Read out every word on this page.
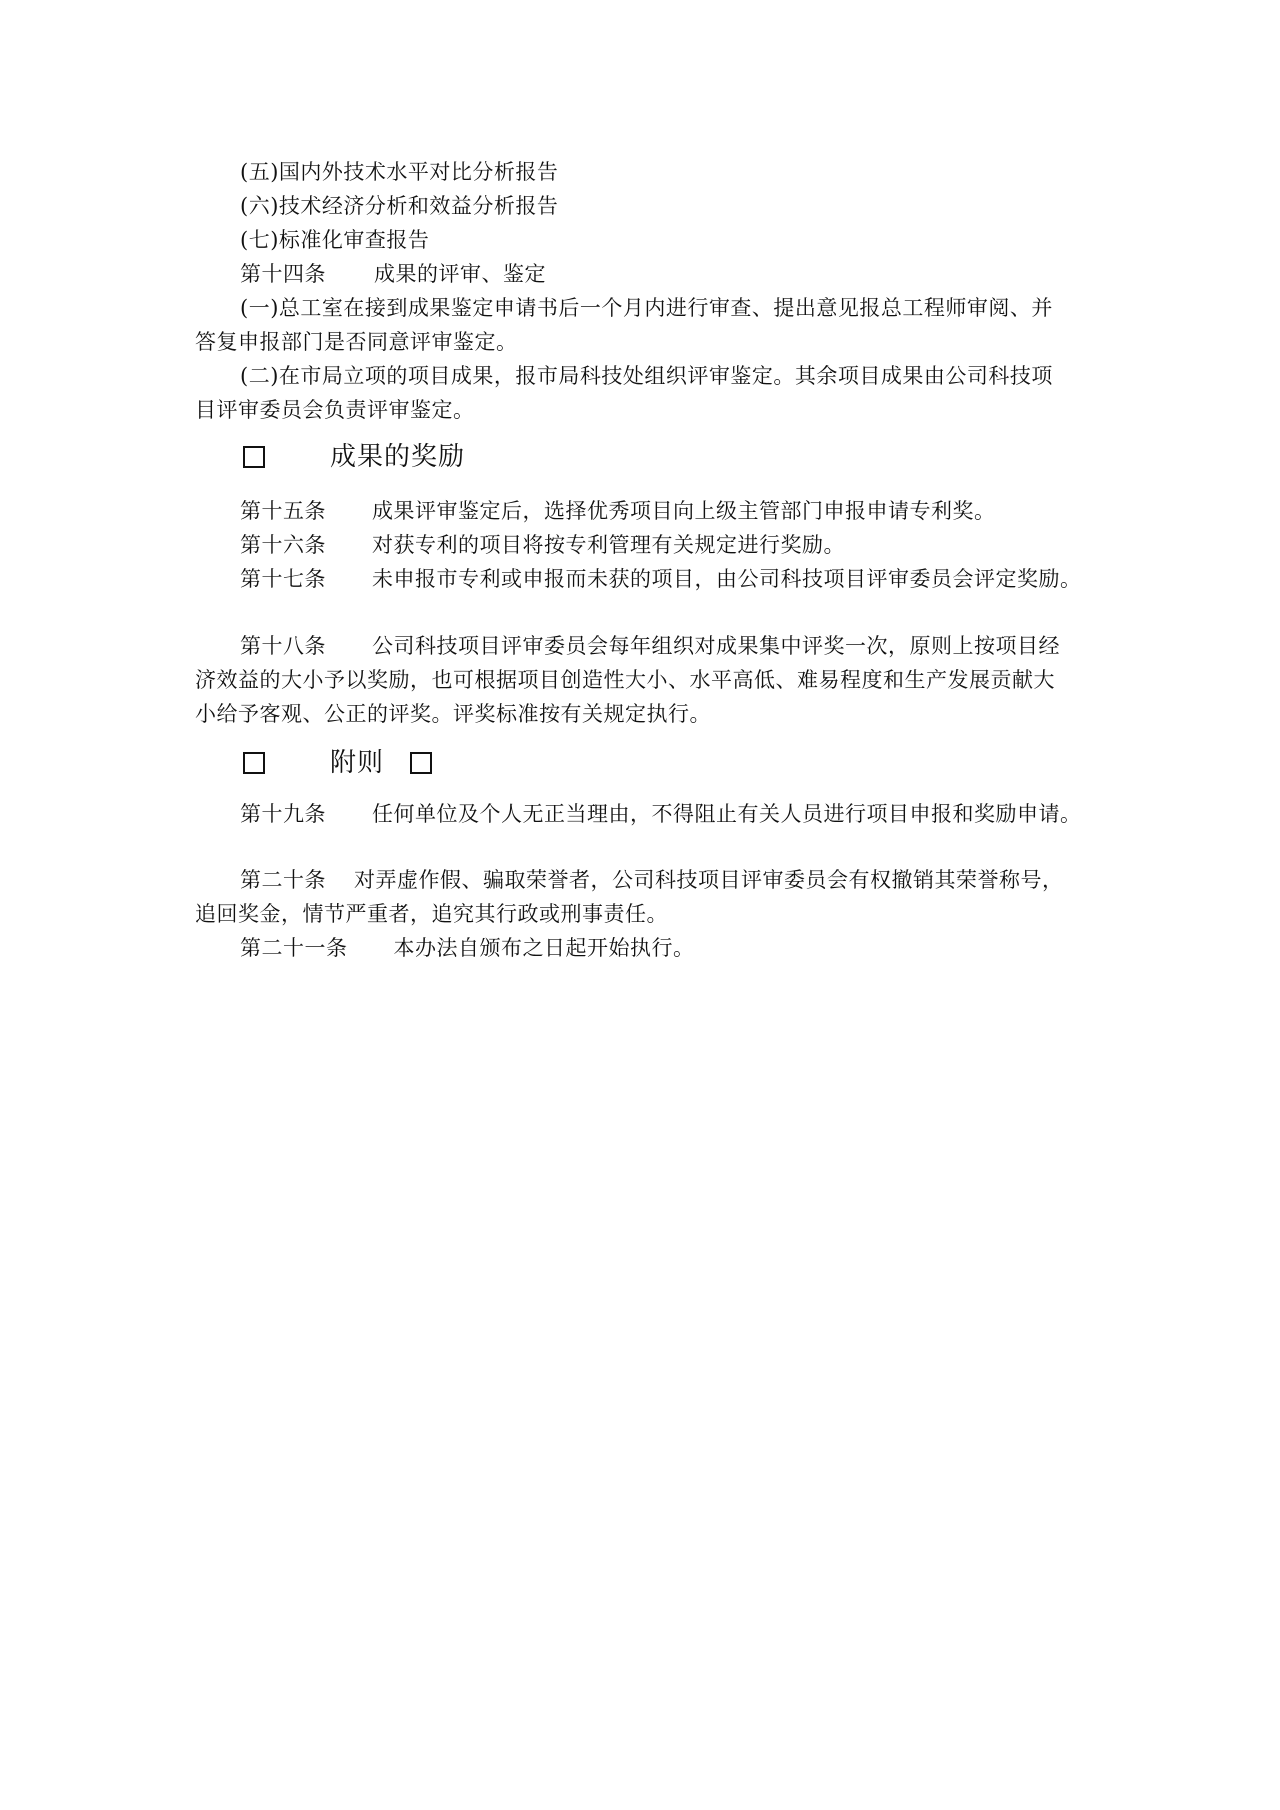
(五)国内外技术水平对比分析报告
(六)技术经济分析和效益分析报告
(七)标准化审查报告
第十四条 成果的评审、鉴定
(一)总工室在接到成果鉴定申请书后一个月内进行审查、提出意见报总工程师审阅、并
答复申报部门是否同意评审鉴定。
(二)在市局立项的项目成果，报市局科技处组织评审鉴定。其余项目成果由公司科技项
目评审委员会负责评审鉴定。
成果的奖励
第十五条 成果评审鉴定后，选择优秀项目向上级主管部门申报申请专利奖。
第十六条 对获专利的项目将按专利管理有关规定进行奖励。
第十七条 未申报市专利或申报而未获的项目，由公司科技项目评审委员会评定奖励。
第十八条 公司科技项目评审委员会每年组织对成果集中评奖一次，原则上按项目经
济效益的大小予以奖励，也可根据项目创造性大小、水平高低、难易程度和生产发展贡献大
小给予客观、公正的评奖。评奖标准按有关规定执行。
附则
第十九条 任何单位及个人无正当理由，不得阻止有关人员进行项目申报和奖励申请。
第二十条 对弄虚作假、骗取荣誉者，公司科技项目评审委员会有权撤销其荣誉称号，
追回奖金，情节严重者，追究其行政或刑事责任。
第二十一条 本办法自颁布之日起开始执行。
